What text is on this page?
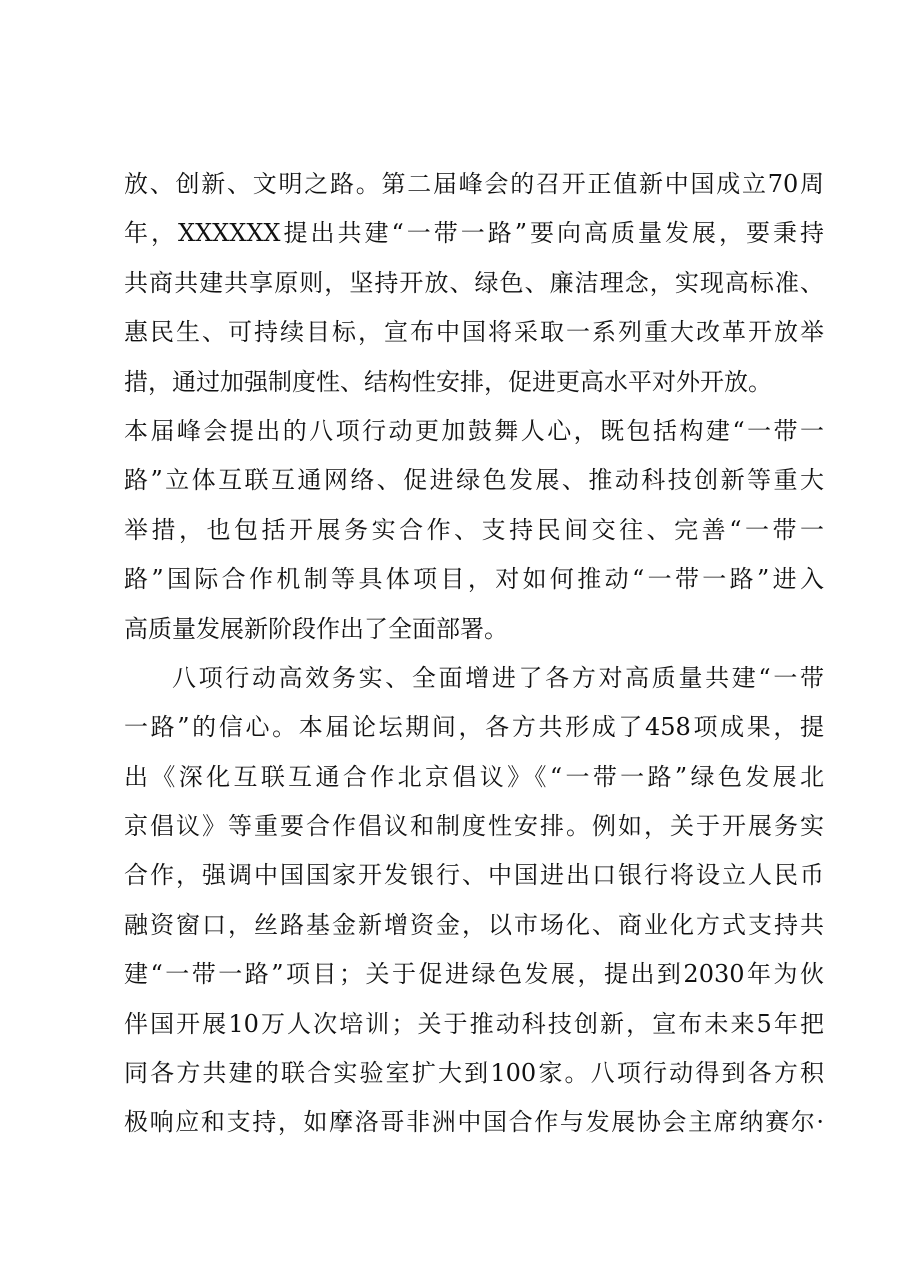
放、创新、文明之路。第二届峰会的召开正值新中国成立70周
年，XXXXXX提出共建“一带一路”要向高质量发展，要秉持
共商共建共享原则，坚持开放、绿色、廉洁理念，实现高标准、
惠民生、可持续目标，宣布中国将采取一系列重大改革开放举
措，通过加强制度性、结构性安排，促进更高水平对外开放。
本届峰会提出的八项行动更加鼓舞人心，既包括构建“一带一
路”立体互联互通网络、促进绿色发展、推动科技创新等重大
举措，也包括开展务实合作、支持民间交往、完善“一带一
路”国际合作机制等具体项目，对如何推动“一带一路”进入
高质量发展新阶段作出了全面部署。
八项行动高效务实、全面增进了各方对高质量共建“一带
一路”的信心。本届论坛期间，各方共形成了458项成果，提
出《深化互联互通合作北京倡议》《“一带一路”绿色发展北
京倡议》等重要合作倡议和制度性安排。例如，关于开展务实
合作，强调中国国家开发银行、中国进出口银行将设立人民币
融资窗口，丝路基金新增资金，以市场化、商业化方式支持共
建“一带一路”项目；关于促进绿色发展，提出到2030年为伙
伴国开展10万人次培训；关于推动科技创新，宣布未来5年把
同各方共建的联合实验室扩大到100家。八项行动得到各方积
极响应和支持，如摩洛哥非洲中国合作与发展协会主席纳赛尔·
